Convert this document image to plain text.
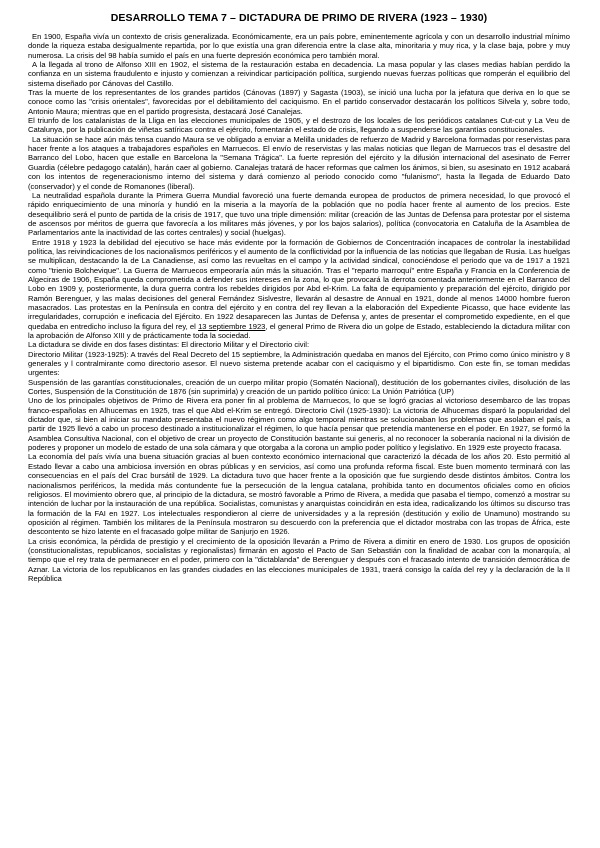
DESARROLLO TEMA 7 – DICTADURA DE PRIMO DE RIVERA (1923 – 1930)

En 1900, España vivía un contexto de crisis generalizada. Económicamente, era un país pobre, eminentemente agrícola y con un desarrollo industrial mínimo donde la riqueza estaba desigualmente repartida, por lo que existía una gran diferencia entre la clase alta, minoritaria y muy rica, y la clase baja, pobre y muy numerosa. La crisis del 98 había sumido el país en una fuerte depresión económica pero también moral.

A la llegada al trono de Alfonso XIII en 1902, el sistema de la restauración estaba en decadencia. La masa popular y las clases medias habían perdido la confianza en un sistema fraudulento e injusto y comienzan a reivindicar participación política, surgiendo nuevas fuerzas políticas que romperán el equilibrio del sistema diseñado por Cánovas del Castillo.

Tras la muerte de los representantes de los grandes partidos (Cánovas (1897) y Sagasta (1903), se inició una lucha por la jefatura que deriva en lo que se conoce como las "crisis orientales", favorecidas por el debilitamiento del caciquismo. En el partido conservador destacarán los políticos Silvela y, sobre todo, Antonio Maura; mientras que en el partido progresista, destacará José Canalejas.

El triunfo de los catalanistas de la Lliga en las elecciones municipales de 1905, y el destrozo de los locales de los periódicos catalanes Cut-cut y La Veu de Catalunya, por la publicación de viñetas satíricas contra el ejército, fomentarán el estado de crisis, llegando a suspenderse las garantías constitucionales.

La situación se hace aún más tensa cuando Maura se ve obligado a enviar a Melilla unidades de refuerzo de Madrid y Barcelona formadas por reservistas para hacer frente a los ataques a trabajadores españoles en Marruecos. El envío de reservistas y las malas noticias que llegan de Marruecos tras el desastre del Barranco del Lobo, hacen que estalle en Barcelona la "Semana Trágica". La fuerte represión del ejército y la difusión internacional del asesinato de Ferrer Guardia (célebre pedagogo catalán), harán caer al gobierno. Canalejas tratará de hacer reformas que calmen los ánimos, si bien, su asesinato en 1912 acabará con los intentos de regeneracionismo interno del sistema y dará comienzo al periodo conocido como "fulanismo", hasta la llegada de Eduardo Dato (conservador) y el conde de Romanones (liberal).

La neutralidad española durante la Primera Guerra Mundial favoreció una fuerte demanda europea de productos de primera necesidad, lo que provocó el rápido enriquecimiento de una minoría y hundió en la miseria a la mayoría de la población que no podía hacer frente al aumento de los precios. Este desequilibrio será el punto de partida de la crisis de 1917, que tuvo una triple dimensión: militar (creación de las Juntas de Defensa para protestar por el sistema de ascensos por méritos de guerra que favorecía a los militares más jóvenes, y por los bajos salarios), política (convocatoria en Cataluña de la Asamblea de Parlamentarios ante la inactividad de las cortes centrales) y social (huelgas).

Entre 1918 y 1923 la debilidad del ejecutivo se hace más evidente por la formación de Gobiernos de Concentración incapaces de controlar la inestabilidad política, las reivindicaciones de los nacionalismos periféricos y el aumento de la conflictividad por la influencia de las noticias que llegaban de Rusia. Las huelgas se multiplican, destacando la de La Canadiense, así como las revueltas en el campo y la actividad sindical, conociéndose el periodo que va de 1917 a 1921 como "trienio Bolchevique". La Guerra de Marruecos empeoraría aún más la situación. Tras el "reparto marroquí" entre España y Francia en la Conferencia de Algeciras de 1906, España queda comprometida a defender sus intereses en la zona, lo que provocará la derrota comentada anteriormente en el Barranco del Lobo en 1909 y, posteriormente, la dura guerra contra los rebeldes dirigidos por Abd el-Krim. La falta de equipamiento y preparación del ejército, dirigido por Ramón Berenguer, y las malas decisiones del general Fernández Sislvestre, llevarán al desastre de Annual en 1921, donde al menos 14000 hombre fueron masacrados. Las protestas en la Península en contra del ejército y en contra del rey llevan a la elaboración del Expediente Picasso, que hace evidente las irregularidades, corrupción e ineficacia del Ejército. En 1922 desaparecen las Juntas de Defensa y, antes de presentar el comprometido expediente, en el que quedaba en entredicho incluso la figura del rey, el 13 septiembre 1923, el general Primo de Rivera dio un golpe de Estado, estableciendo la dictadura militar con la aprobación de Alfonso XIII y de prácticamente toda la sociedad.

La dictadura se divide en dos fases distintas: El directorio Militar y el Directorio civil:

Directorio Militar (1923-1925): A través del Real Decreto del 15 septiembre, la Administración quedaba en manos del Ejército, con Primo como único ministro y 8 generales y l contralmirante como directorio asesor. El nuevo sistema pretende acabar con el caciquismo y el bipartidismo. Con este fin, se toman medidas urgentes:

Suspensión de las garantías constitucionales, creación de un cuerpo militar propio (Somatén Nacional), destitución de los gobernantes civiles, disolución de las Cortes, Suspensión de la Constitución de 1876 (sin suprimirla) y creación de un partido político único: La Unión Patriótica (UP)

Uno de los principales objetivos de Primo de Rivera era poner fin al problema de Marruecos, lo que se logró gracias al victorioso desembarco de las tropas franco-españolas en Alhucemas en 1925, tras el que Abd el-Krim se entregó. Directorio Civil (1925-1930): La victoria de Alhucemas disparó la popularidad del dictador que, si bien al iniciar su mandato presentaba el nuevo régimen como algo temporal mientras se solucionaban los problemas que asolaban el país, a partir de 1925 llevó a cabo un proceso destinado a institucionalizar el régimen, lo que hacía pensar que pretendía mantenerse en el poder. En 1927, se formó la Asamblea Consultiva Nacional, con el objetivo de crear un proyecto de Constitución bastante sui generis, al no reconocer la soberanía nacional ni la división de poderes y proponer un modelo de estado de una sola cámara y que otorgaba a la corona un amplio poder político y legislativo. En 1929 este proyecto fracasa.

La economía del país vivía una buena situación gracias al buen contexto económico internacional que caracterizó la década de los años 20. Esto permitió al Estado llevar a cabo una ambiciosa inversión en obras públicas y en servicios, así como una profunda reforma fiscal. Este buen momento terminará con las consecuencias en el país del Crac bursátil de 1929. La dictadura tuvo que hacer frente a la oposición que fue surgiendo desde distintos ámbitos. Contra los nacionalismos periféricos, la medida más contundente fue la persecución de la lengua catalana, prohibida tanto en documentos oficiales como en oficios religiosos. El movimiento obrero que, al principio de la dictadura, se mostró favorable a Primo de Rivera, a medida que pasaba el tiempo, comenzó a mostrar su intención de luchar por la instauración de una república. Socialistas, comunistas y anarquistas coincidirán en esta idea, radicalizando los últimos su discurso tras la formación de la FAI en 1927. Los intelectuales respondieron al cierre de universidades y a la represión (destitución y exilio de Unamuno) mostrando su oposición al régimen. También los militares de la Península mostraron su descuerdo con la preferencia que el dictador mostraba con las tropas de África, este descontento se hizo latente en el fracasado golpe militar de Sanjurjo en 1926.

La crisis económica, la pérdida de prestigio y el crecimiento de la oposición llevarán a Primo de Rivera a dimitir en enero de 1930. Los grupos de oposición (constitucionalistas, republicanos, socialistas y regionalistas) firmarán en agosto el Pacto de San Sebastián con la finalidad de acabar con la monarquía, al tiempo que el rey trata de permanecer en el poder, primero con la "dictablanda" de Berenguer y después con el fracasado intento de transición democrática de Aznar. La victoria de los republicanos en las grandes ciudades en las elecciones municipales de 1931, traerá consigo la caída del rey y la declaración de la II República
